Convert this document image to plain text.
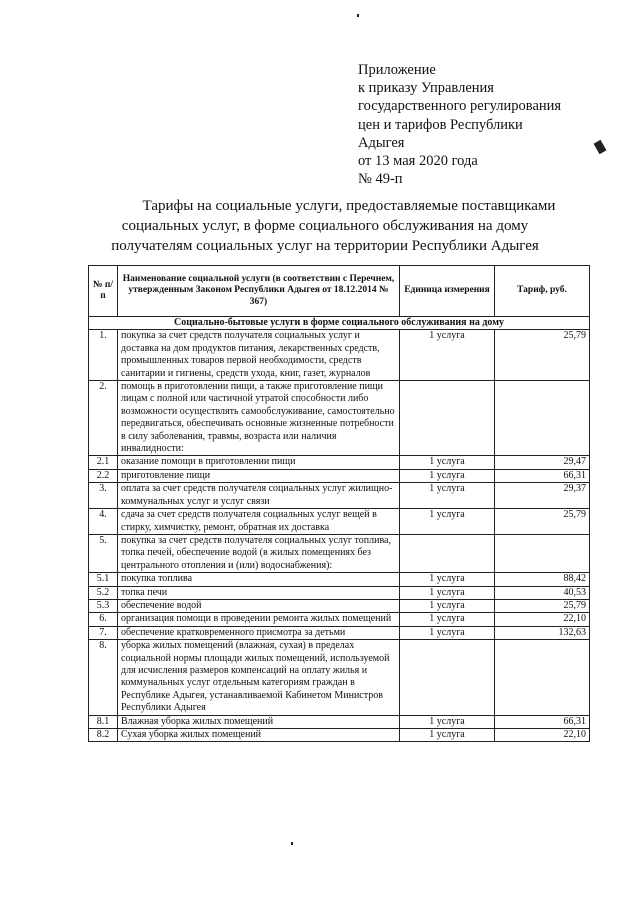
Приложение
к приказу Управления
государственного регулирования
цен и тарифов Республики
Адыгея
от 13 мая 2020 года
№ 49-п
Тарифы на социальные услуги, предоставляемые поставщиками
социальных услуг, в форме социального обслуживания на дому
получателям социальных услуг на территории Республики Адыгея
№ п/п	Наименование социальной услуги (в соответствии с Перечнем, утвержденным Законом Республики Адыгея от 18.12.2014 № 367)	Единица измерения	Тариф, руб.
Социально-бытовые услуги в форме социального обслуживания на дому			
1.	покупка за счет средств получателя социальных услуг и доставка на дом продуктов питания, лекарственных средств, промышленных товаров первой необходимости, средств санитарии и гигиены, средств ухода, книг, газет, журналов	1 услуга	25,79
2.	помощь в приготовлении пищи, а также приготовление пищи лицам с полной или частичной утратой способности либо возможности осуществлять самообслуживание, самостоятельно передвигаться, обеспечивать основные жизненные потребности в силу заболевания, травмы, возраста или наличия инвалидности:		
2.1	оказание помощи в приготовлении пищи	1 услуга	29,47
2.2	приготовление пищи	1 услуга	66,31
3.	оплата за счет средств получателя социальных услуг жилищно- коммунальных услуг и услуг связи	1 услуга	29,37
4.	сдача за счет средств получателя социальных услуг вещей в стирку, химчистку, ремонт, обратная их доставка	1 услуга	25,79
5.	покупка за счет средств получателя социальных услуг топлива, топка печей, обеспечение водой (в жилых помещениях без центрального отопления и (или) водоснабжения):		
5.1	покупка топлива	1 услуга	88,42
5.2	топка печи	1 услуга	40,53
5.3	обеспечение водой	1 услуга	25,79
6.	организация помощи в проведении ремонта жилых помещений	1 услуга	22,10
7.	обеспечение кратковременного присмотра за детьми	1 услуга	132,63
8.	уборка жилых помещений (влажная, сухая) в пределах социальной нормы площади жилых помещений, используемой для исчисления размеров компенсаций на оплату жилья и коммунальных услуг отдельным категориям граждан в Республике Адыгея, устанавливаемой Кабинетом Министров Республики Адыгея		
8.1	Влажная уборка жилых помещений	1 услуга	66,31
8.2	Сухая уборка жилых помещений	1 услуга	22,10
